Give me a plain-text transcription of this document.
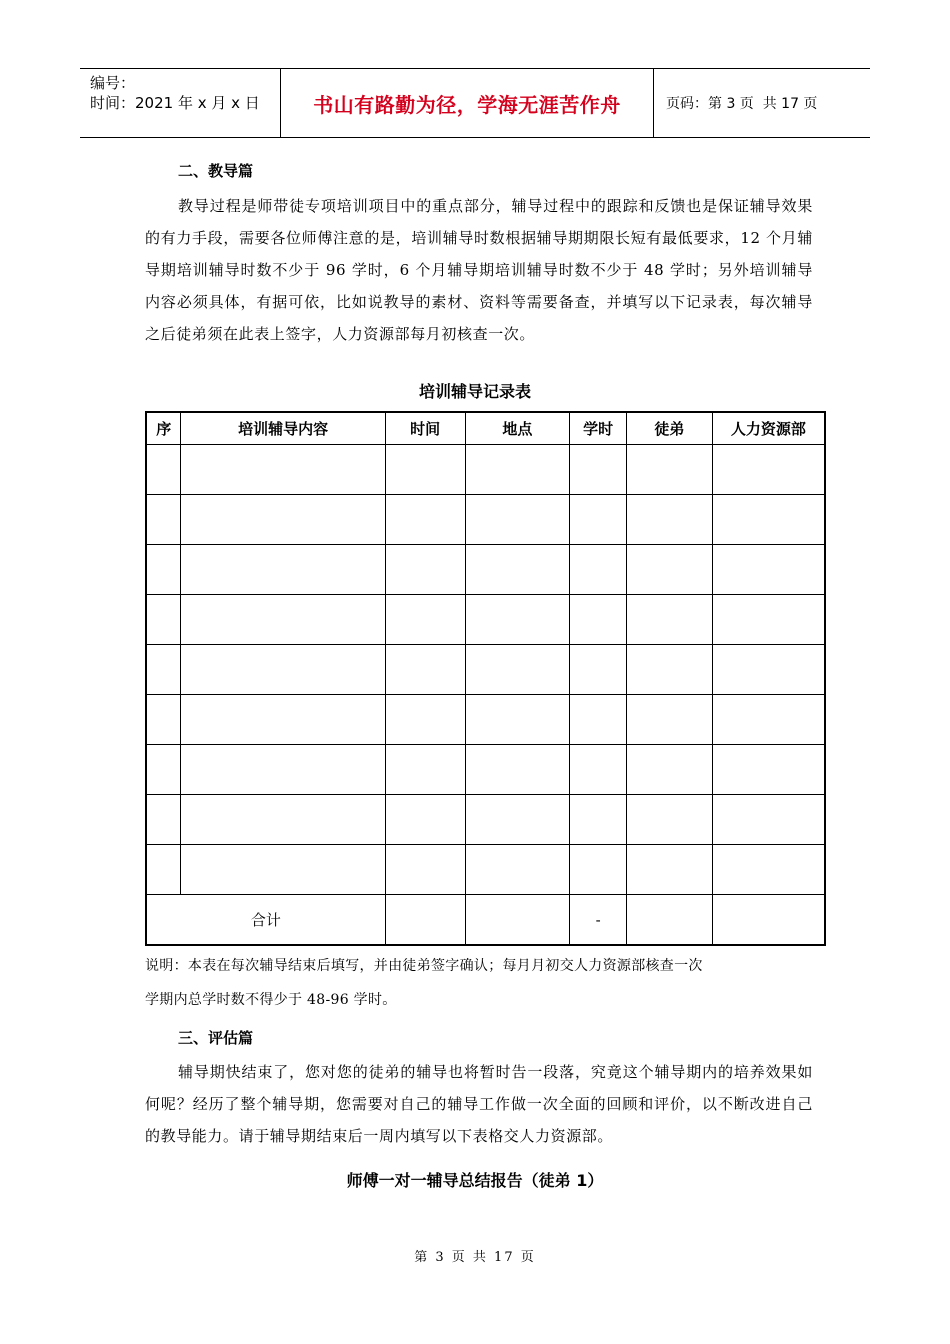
编号：
时间：2021 年 x 月 x 日	书山有路勤为径，学海无涯苦作舟	页码：第 3 页  共 17 页
二、教导篇
教导过程是师带徒专项培训项目中的重点部分，辅导过程中的跟踪和反馈也是保证辅导效果的有力手段，需要各位师傅注意的是，培训辅导时数根据辅导期期限长短有最低要求，12 个月辅导期培训辅导时数不少于 96 学时，6 个月辅导期培训辅导时数不少于 48 学时；另外培训辅导内容必须具体，有据可依，比如说教导的素材、资料等需要备查，并填写以下记录表，每次辅导之后徒弟须在此表上签字，人力资源部每月初核查一次。
培训辅导记录表
序	培训辅导内容	时间	地点	学时	徒弟	人力资源部

合计				-		
说明：本表在每次辅导结束后填写，并由徒弟签字确认；每月月初交人力资源部核查一次
学期内总学时数不得少于 48-96 学时。
三、评估篇
辅导期快结束了，您对您的徒弟的辅导也将暂时告一段落，究竟这个辅导期内的培养效果如何呢？经历了整个辅导期，您需要对自己的辅导工作做一次全面的回顾和评价，以不断改进自己的教导能力。请于辅导期结束后一周内填写以下表格交人力资源部。
师傅一对一辅导总结报告（徒弟 1）
第 3 页 共 17 页
